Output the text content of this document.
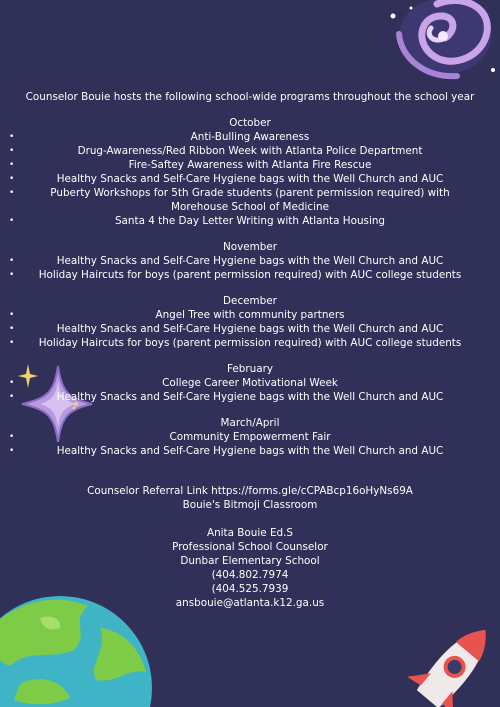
Counselor Bouie hosts the following school-wide programs throughout the school year

October

• Anti-Bulling Awareness
• Drug-Awareness/Red Ribbon Week with Atlanta Police Department
• Fire-Saftey Awareness with Atlanta Fire Rescue
• Healthy Snacks and Self-Care Hygiene bags with the Well Church and AUC
• Puberty Workshops for 5th Grade students (parent permission required) with Morehouse School of Medicine
• Santa 4 the Day Letter Writing with Atlanta Housing

November

• Healthy Snacks and Self-Care Hygiene bags with the Well Church and AUC
• Holiday Haircuts for boys (parent permission required) with AUC college students

December

• Angel Tree with community partners
• Healthy Snacks and Self-Care Hygiene bags with the Well Church and AUC
• Holiday Haircuts for boys (parent permission required) with AUC college students

February

• College Career Motivational Week
• Healthy Snacks and Self-Care Hygiene bags with the Well Church and AUC

March/April

• Community Empowerment Fair
• Healthy Snacks and Self-Care Hygiene bags with the Well Church and AUC

Counselor Referral Link https://forms.gle/cCPABcp16oHyNs69A

Bouie's Bitmoji Classroom

Anita Bouie Ed.S

Professional School Counselor

Dunbar Elementary School

(404.802.7974

(404.525.7939

ansbouie@atlanta.k12.ga.us
